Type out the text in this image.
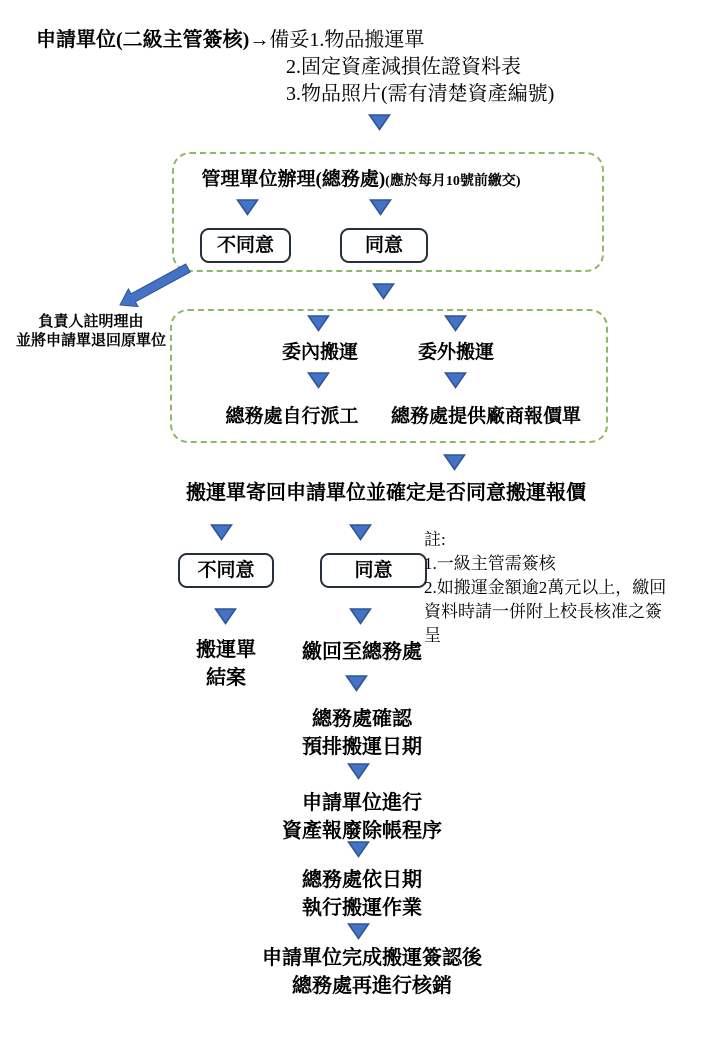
申請單位(二級主管簽核)→備妥1.物品搬運單
2.固定資產減損佐證資料表
3.物品照片(需有清楚資產編號)
管理單位辦理(總務處)(應於每月10號前繳交)
不同意	同意
負責人註明理由
並將申請單退回原單位
委內搬運	委外搬運
總務處自行派工	總務處提供廠商報價單
搬運單寄回申請單位並確定是否同意搬運報價
不同意	同意
註:
1.一級主管需簽核
2.如搬運金額逾2萬元以上，繳回
資料時請一併附上校長核准之簽
呈
搬運單
結案
繳回至總務處
總務處確認
預排搬運日期
申請單位進行
資產報廢除帳程序
總務處依日期
執行搬運作業
申請單位完成搬運簽認後
總務處再進行核銷
